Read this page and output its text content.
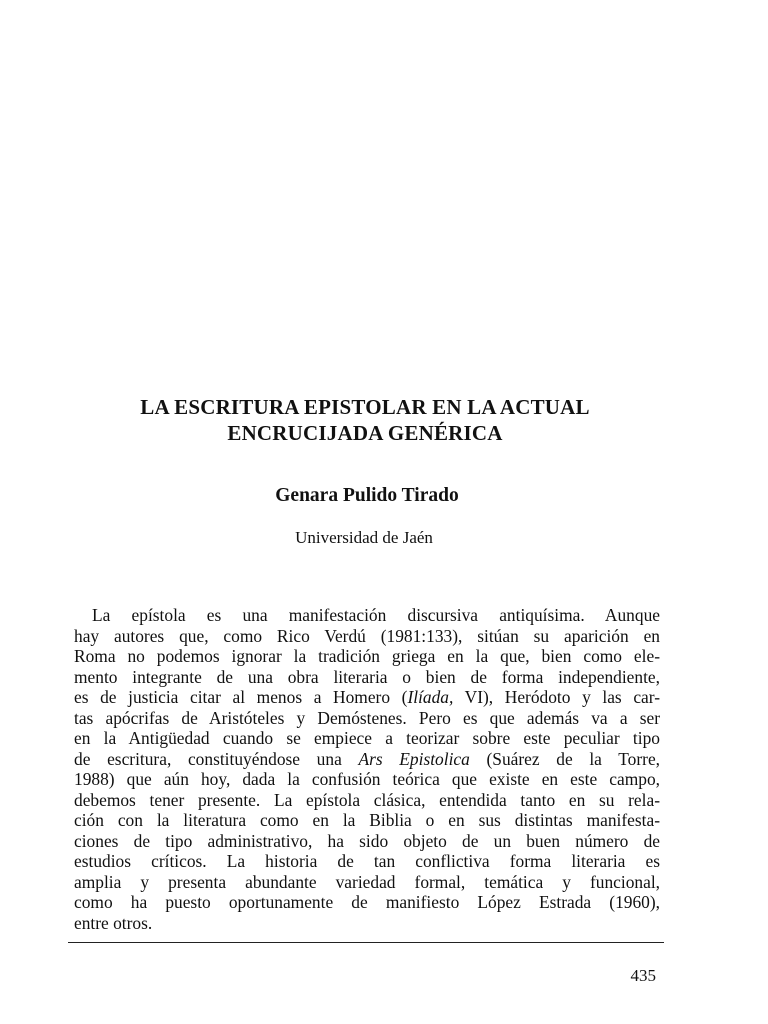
LA ESCRITURA EPISTOLAR EN LA ACTUAL
ENCRUCIJADA GENÉRICA
Genara Pulido Tirado
Universidad de Jaén
La epístola es una manifestación discursiva antiquísima. Aunque
hay autores que, como Rico Verdú (1981:133), sitúan su aparición en
Roma no podemos ignorar la tradición griega en la que, bien como ele-
mento integrante de una obra literaria o bien de forma independiente,
es de justicia citar al menos a Homero (Ilíada, VI), Heródoto y las car-
tas apócrifas de Aristóteles y Demóstenes. Pero es que además va a ser
en la Antigüedad cuando se empiece a teorizar sobre este peculiar tipo
de escritura, constituyéndose una Ars Epistolica (Suárez de la Torre,
1988) que aún hoy, dada la confusión teórica que existe en este campo,
debemos tener presente. La epístola clásica, entendida tanto en su rela-
ción con la literatura como en la Biblia o en sus distintas manifesta-
ciones de tipo administrativo, ha sido objeto de un buen número de
estudios críticos. La historia de tan conflictiva forma literaria es
amplia y presenta abundante variedad formal, temática y funcional,
como ha puesto oportunamente de manifiesto López Estrada (1960),
entre otros.
435
